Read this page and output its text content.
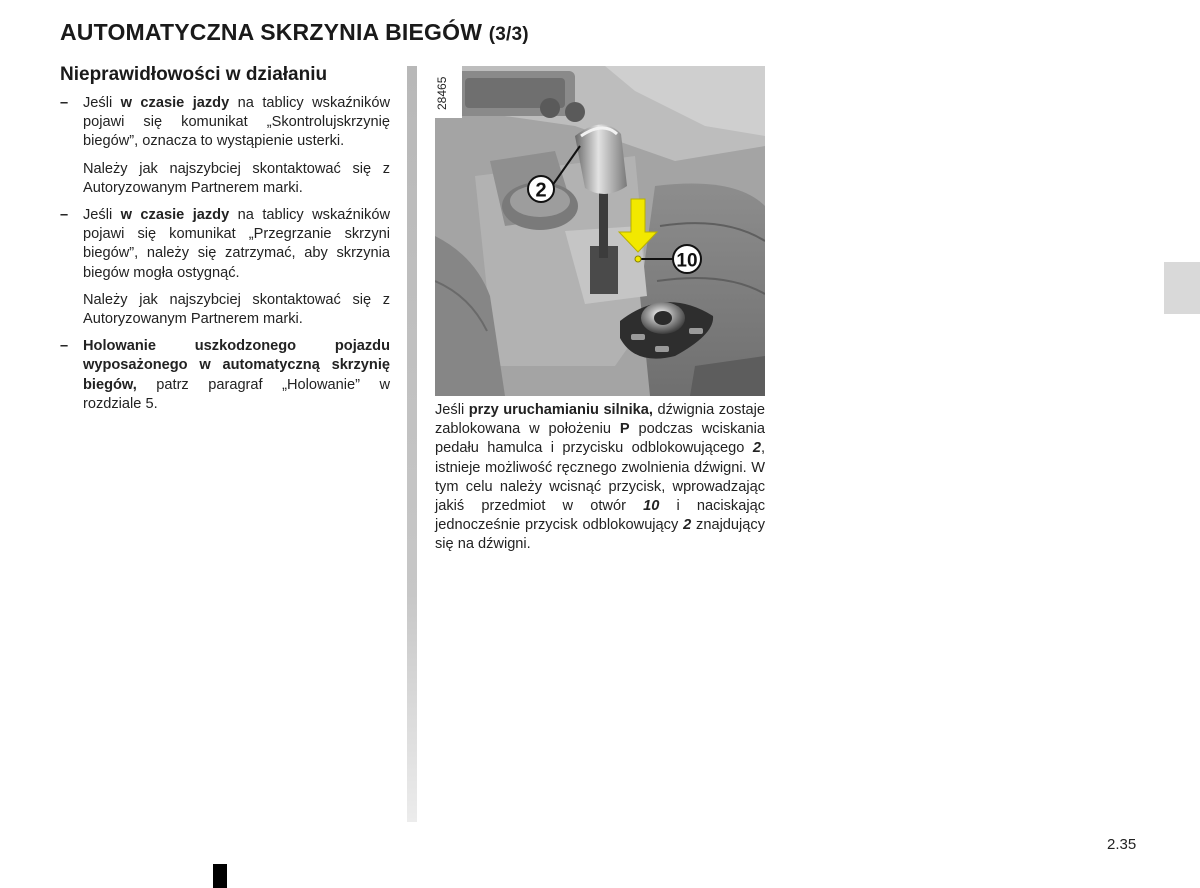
AUTOMATYCZNA SKRZYNIA BIEGÓW (3/3)
Nieprawidłowości w działaniu
– Jeśli w czasie jazdy na tablicy wskaźników pojawi się komunikat „Skontrolujskrzynię biegów”, oznacza to wystąpienie usterki.

Należy jak najszybciej skontaktować się z Autoryzowanym Partnerem marki.

– Jeśli w czasie jazdy na tablicy wskaźników pojawi się komunikat „Przegrzanie skrzyni biegów”, należy się zatrzymać, aby skrzynia biegów mogła ostygnąć.

Należy jak najszybciej skontaktować się z Autoryzowanym Partnerem marki.

– Holowanie uszkodzonego pojazdu wyposażonego w automatyczną skrzynię biegów, patrz paragraf „Holowanie” w rozdziale 5.

2
10
28465
Jeśli przy uruchamianiu silnika, dźwignia zostaje zablokowana w położeniu P podczas wciskania pedału hamulca i przycisku odblokowującego 2, istnieje możliwość ręcznego zwolnienia dźwigni. W tym celu należy wcisnąć przycisk, wprowadzając jakiś przedmiot w otwór 10 i naciskając jednocześnie przycisk odblokowujący 2 znajdujący się na dźwigni.
2.35
